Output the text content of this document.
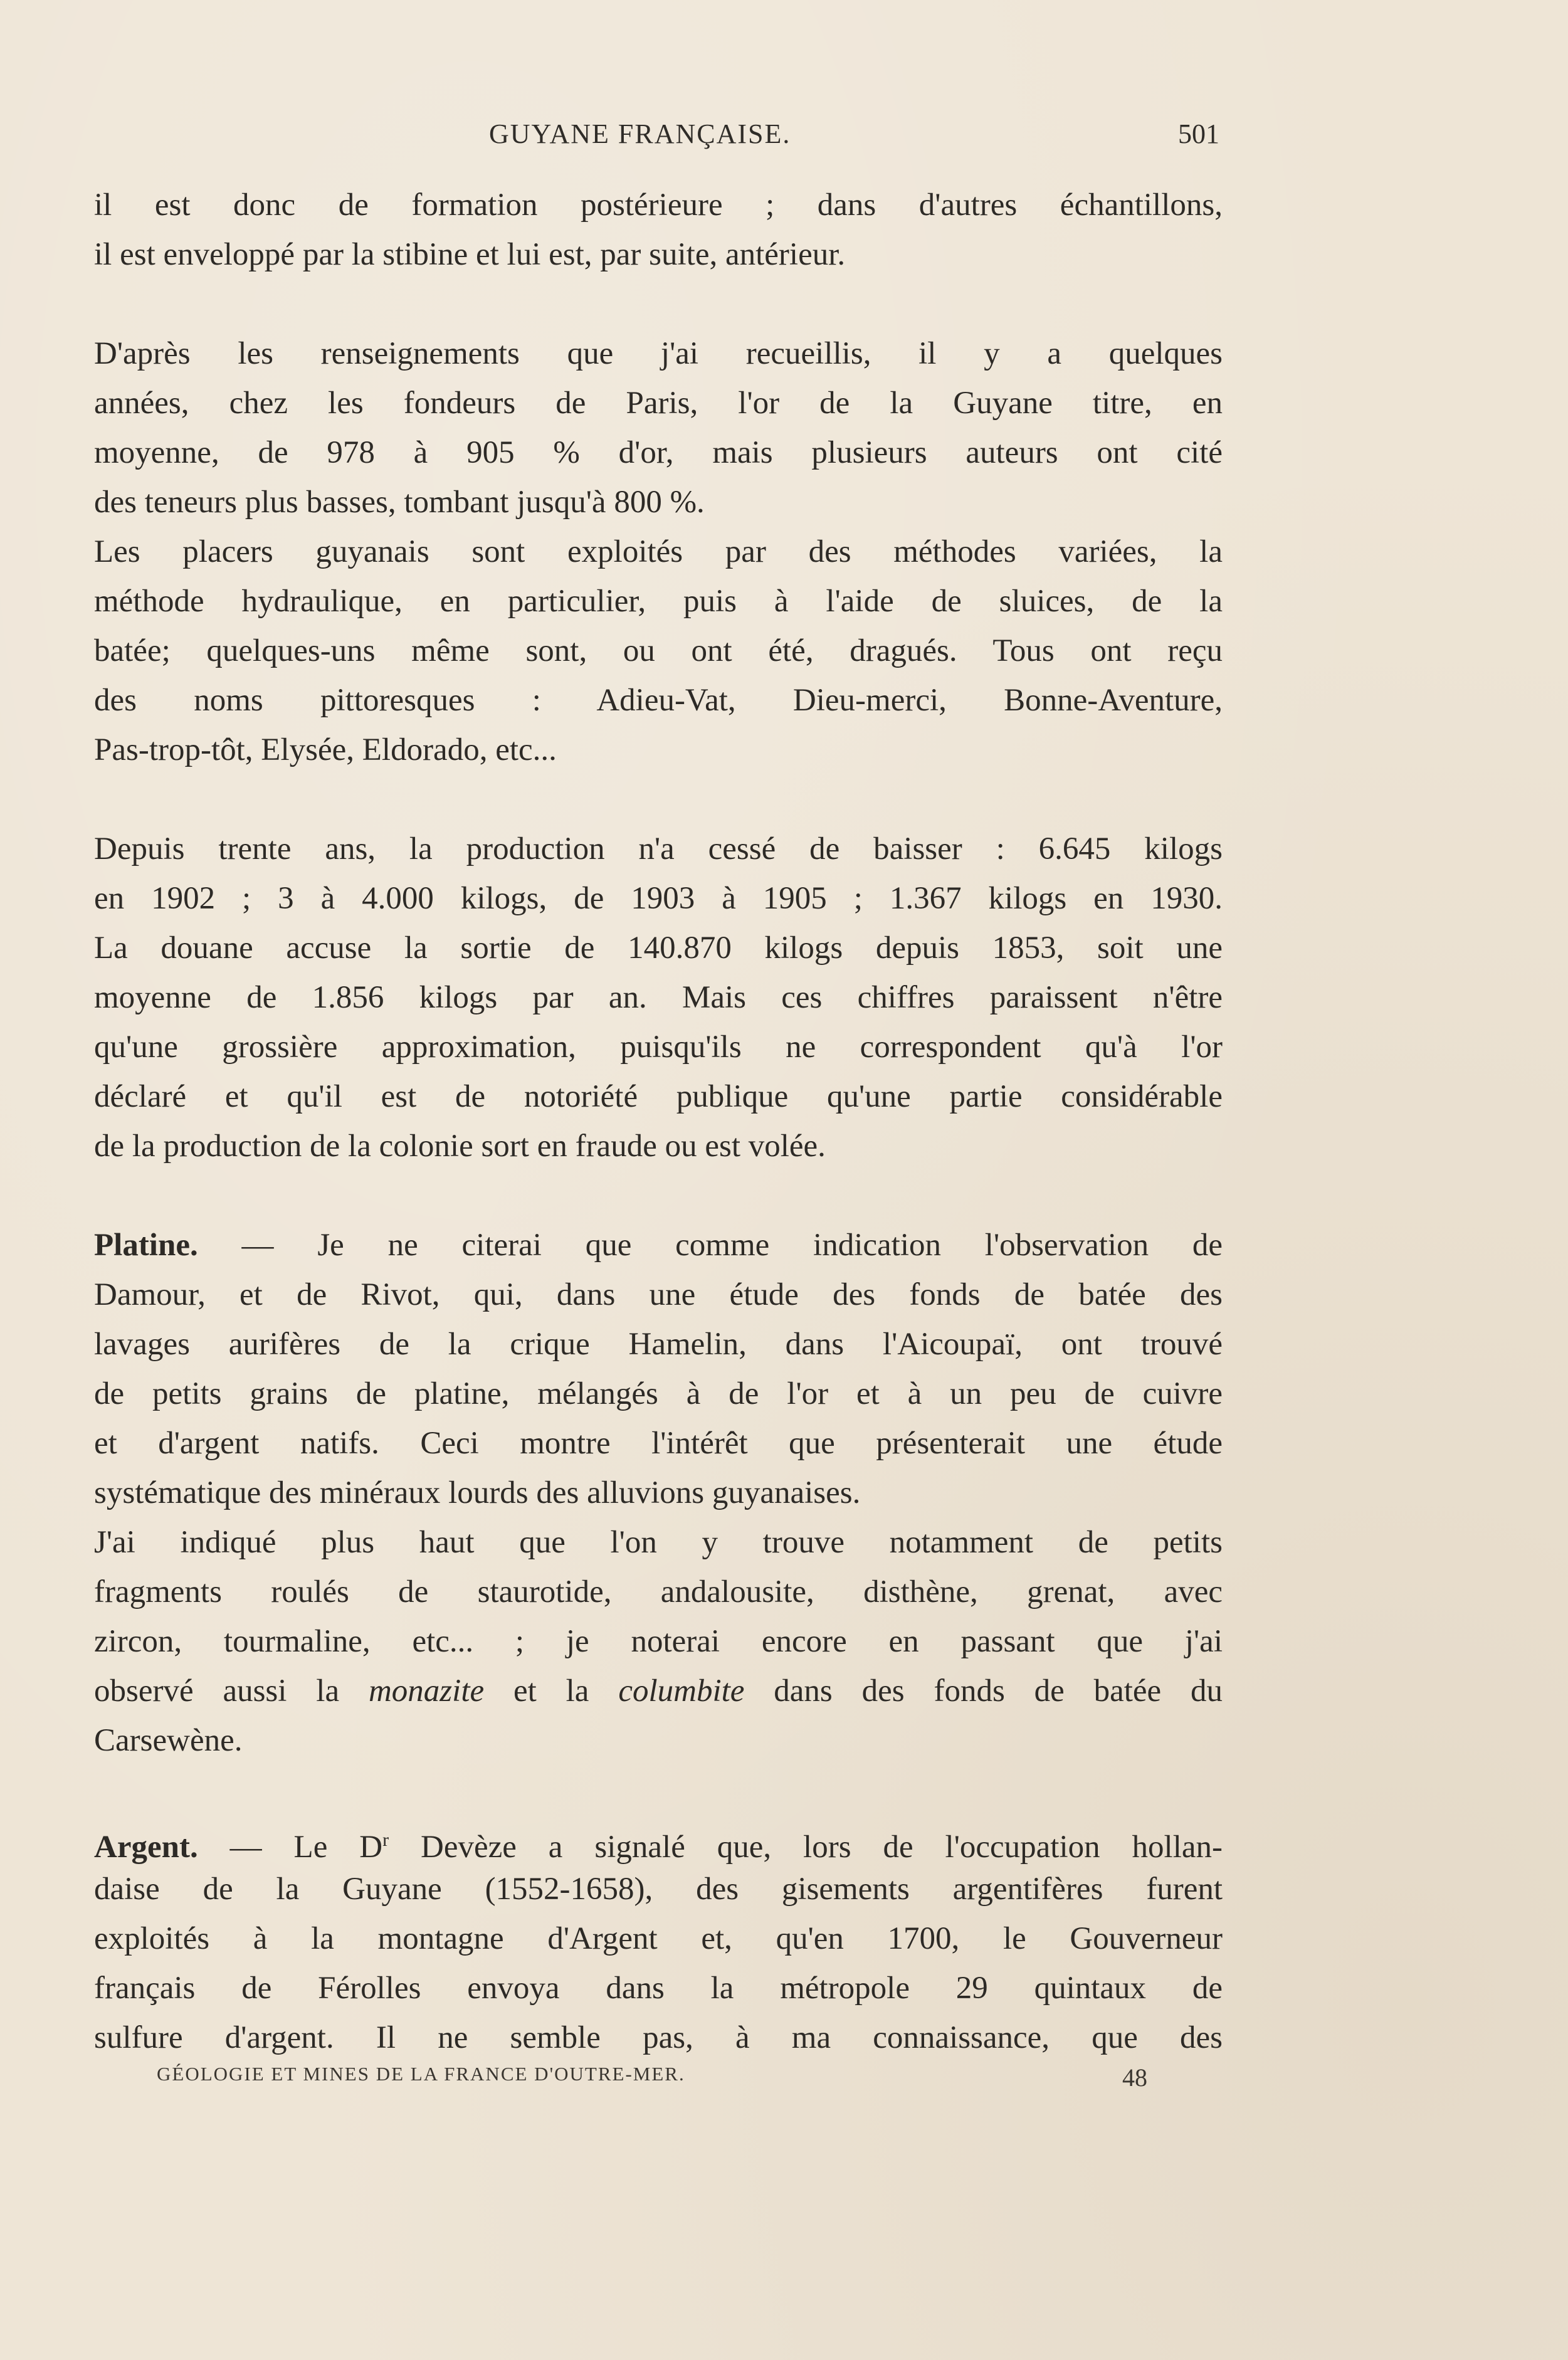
GUYANE FRANÇAISE.	501
il est donc de formation postérieure ; dans d'autres échantillons,
il est enveloppé par la stibine et lui est, par suite, antérieur.
D'après les renseignements que j'ai recueillis, il y a quelques
années, chez les fondeurs de Paris, l'or de la Guyane titre, en
moyenne, de 978 à 905 % d'or, mais plusieurs auteurs ont cité
des teneurs plus basses, tombant jusqu'à 800 %.
Les placers guyanais sont exploités par des méthodes variées, la
méthode hydraulique, en particulier, puis à l'aide de sluices, de la
batée; quelques-uns même sont, ou ont été, dragués. Tous ont reçu
des noms pittoresques : Adieu-Vat, Dieu-merci, Bonne-Aventure,
Pas-trop-tôt, Elysée, Eldorado, etc...
Depuis trente ans, la production n'a cessé de baisser : 6.645 kilogs
en 1902 ; 3 à 4.000 kilogs, de 1903 à 1905 ; 1.367 kilogs en 1930.
La douane accuse la sortie de 140.870 kilogs depuis 1853, soit une
moyenne de 1.856 kilogs par an. Mais ces chiffres paraissent n'être
qu'une grossière approximation, puisqu'ils ne correspondent qu'à l'or
déclaré et qu'il est de notoriété publique qu'une partie considérable
de la production de la colonie sort en fraude ou est volée.
Platine. — Je ne citerai que comme indication l'observation de
Damour, et de Rivot, qui, dans une étude des fonds de batée des
lavages aurifères de la crique Hamelin, dans l'Aicoupaï, ont trouvé
de petits grains de platine, mélangés à de l'or et à un peu de cuivre
et d'argent natifs. Ceci montre l'intérêt que présenterait une étude
systématique des minéraux lourds des alluvions guyanaises.
J'ai indiqué plus haut que l'on y trouve notamment de petits
fragments roulés de staurotide, andalousite, disthène, grenat, avec
zircon, tourmaline, etc... ; je noterai encore en passant que j'ai
observé aussi la monazite et la columbite dans des fonds de batée du
Carsewène.
Argent. — Le $D^r$ Devèze a signalé que, lors de l'occupation hollan-
daise de la Guyane (1552-1658), des gisements argentifères furent
exploités à la montagne d'Argent et, qu'en 1700, le Gouverneur
français de Férolles envoya dans la métropole 29 quintaux de
sulfure d'argent. Il ne semble pas, à ma connaissance, que des
GÉOLOGIE ET MINES DE LA FRANCE D'OUTRE-MER.	48
